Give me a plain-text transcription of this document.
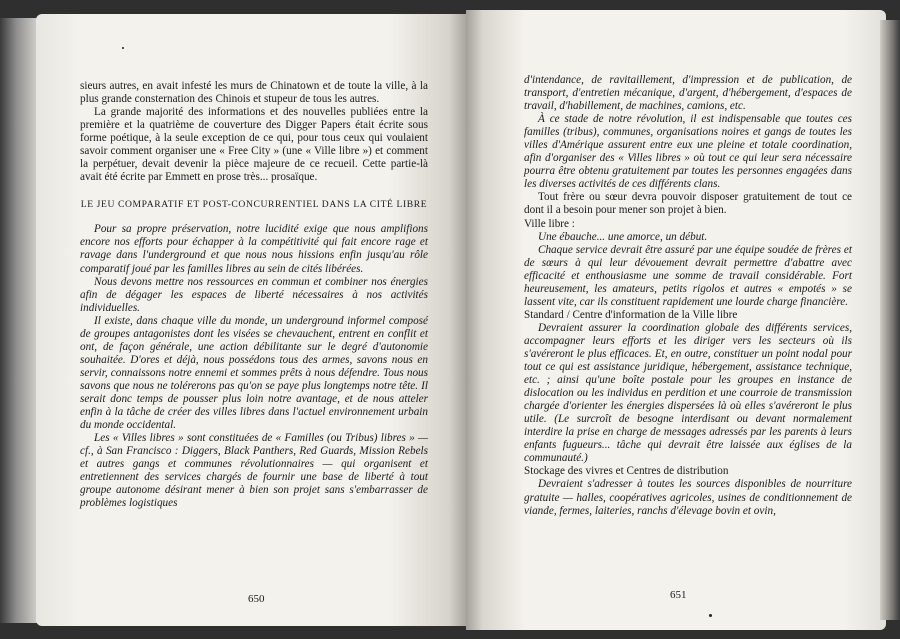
sieurs autres, en avait infesté les murs de Chinatown et de toute la ville, à la plus grande consternation des Chinois et stupeur de tous les autres.

La grande majorité des informations et des nouvelles publiées entre la première et la quatrième de couverture des Digger Papers était écrite sous forme poétique, à la seule exception de ce qui, pour tous ceux qui voulaient savoir comment organiser une « Free City » (une « Ville libre ») et comment la perpétuer, devait devenir la pièce majeure de ce recueil. Cette partie-là avait été écrite par Emmett en prose très... prosaïque.

LE JEU COMPARATIF ET POST-CONCURRENTIEL DANS LA CITÉ LIBRE

Pour sa propre préservation, notre lucidité exige que nous amplifions encore nos efforts pour échapper à la compétitivité qui fait encore rage et ravage dans l'underground et que nous nous hissions enfin jusqu'au rôle comparatif joué par les familles libres au sein de cités libérées.

Nous devons mettre nos ressources en commun et combiner nos énergies afin de dégager les espaces de liberté nécessaires à nos activités individuelles.

Il existe, dans chaque ville du monde, un underground informel composé de groupes antagonistes dont les visées se chevauchent, entrent en conflit et ont, de façon générale, une action débilitante sur le degré d'autonomie souhaitée. D'ores et déjà, nous possédons tous des armes, savons nous en servir, connaissons notre ennemi et sommes prêts à nous défendre. Tous nous savons que nous ne tolérerons pas qu'on se paye plus longtemps notre tête. Il serait donc temps de pousser plus loin notre avantage, et de nous atteler enfin à la tâche de créer des villes libres dans l'actuel environnement urbain du monde occidental.

Les « Villes libres » sont constituées de « Familles (ou Tribus) libres » — cf., à San Francisco : Diggers, Black Panthers, Red Guards, Mission Rebels et autres gangs et communes révolutionnaires — qui organisent et entretiennent des services chargés de fournir une base de liberté à tout groupe autonome désirant mener à bien son projet sans s'embarrasser de problèmes logistiques

650

d'intendance, de ravitaillement, d'impression et de publication, de transport, d'entretien mécanique, d'argent, d'hébergement, d'espaces de travail, d'habillement, de machines, camions, etc.

À ce stade de notre révolution, il est indispensable que toutes ces familles (tribus), communes, organisations noires et gangs de toutes les villes d'Amérique assurent entre eux une pleine et totale coordination, afin d'organiser des « Villes libres » où tout ce qui leur sera nécessaire pourra être obtenu gratuitement par toutes les personnes engagées dans les diverses activités de ces différents clans.

Tout frère ou sœur devra pouvoir disposer gratuitement de tout ce dont il a besoin pour mener son projet à bien.

Ville libre :

Une ébauche... une amorce, un début.

Chaque service devrait être assuré par une équipe soudée de frères et de sœurs à qui leur dévouement devrait permettre d'abattre avec efficacité et enthousiasme une somme de travail considérable. Fort heureusement, les amateurs, petits rigolos et autres « empotés » se lassent vite, car ils constituent rapidement une lourde charge financière.

Standard / Centre d'information de la Ville libre

Devraient assurer la coordination globale des différents services, accompagner leurs efforts et les diriger vers les secteurs où ils s'avéreront le plus efficaces. Et, en outre, constituer un point nodal pour tout ce qui est assistance juridique, hébergement, assistance technique, etc. ; ainsi qu'une boîte postale pour les groupes en instance de dislocation ou les individus en perdition et une courroie de transmission chargée d'orienter les énergies dispersées là où elles s'avéreront le plus utile. (Le surcroît de besogne interdisant ou devant normalement interdire la prise en charge de messages adressés par les parents à leurs enfants fugueurs... tâche qui devrait être laissée aux églises de la communauté.)

Stockage des vivres et Centres de distribution

Devraient s'adresser à toutes les sources disponibles de nourriture gratuite — halles, coopératives agricoles, usines de conditionnement de viande, fermes, laiteries, ranchs d'élevage bovin et ovin,

651
